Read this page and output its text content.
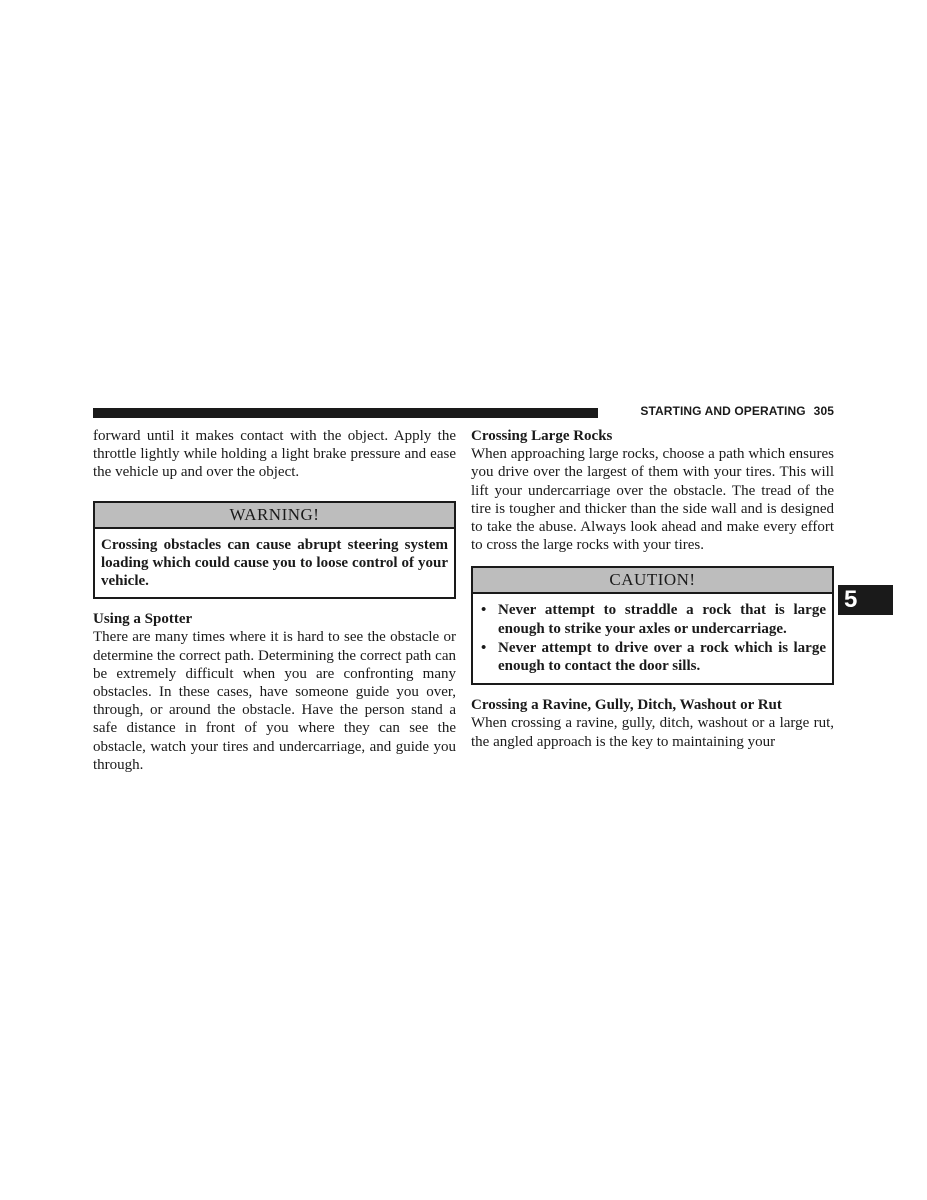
STARTING AND OPERATING 305
5

forward until it makes contact with the object. Apply the throttle lightly while holding a light brake pressure and ease the vehicle up and over the object.

WARNING!

Crossing obstacles can cause abrupt steering system loading which could cause you to loose control of your vehicle.

Using a Spotter

There are many times where it is hard to see the obstacle or determine the correct path. Determining the correct path can be extremely difficult when you are confronting many obstacles. In these cases, have someone guide you over, through, or around the obstacle. Have the person stand a safe distance in front of you where they can see the obstacle, watch your tires and undercarriage, and guide you through.

Crossing Large Rocks

When approaching large rocks, choose a path which ensures you drive over the largest of them with your tires. This will lift your undercarriage over the obstacle. The tread of the tire is tougher and thicker than the side wall and is designed to take the abuse. Always look ahead and make every effort to cross the large rocks with your tires.

CAUTION!
• Never attempt to straddle a rock that is large enough to strike your axles or undercarriage.
• Never attempt to drive over a rock which is large enough to contact the door sills.
Crossing a Ravine, Gully, Ditch, Washout or Rut

When crossing a ravine, gully, ditch, washout or a large rut, the angled approach is the key to maintaining your
